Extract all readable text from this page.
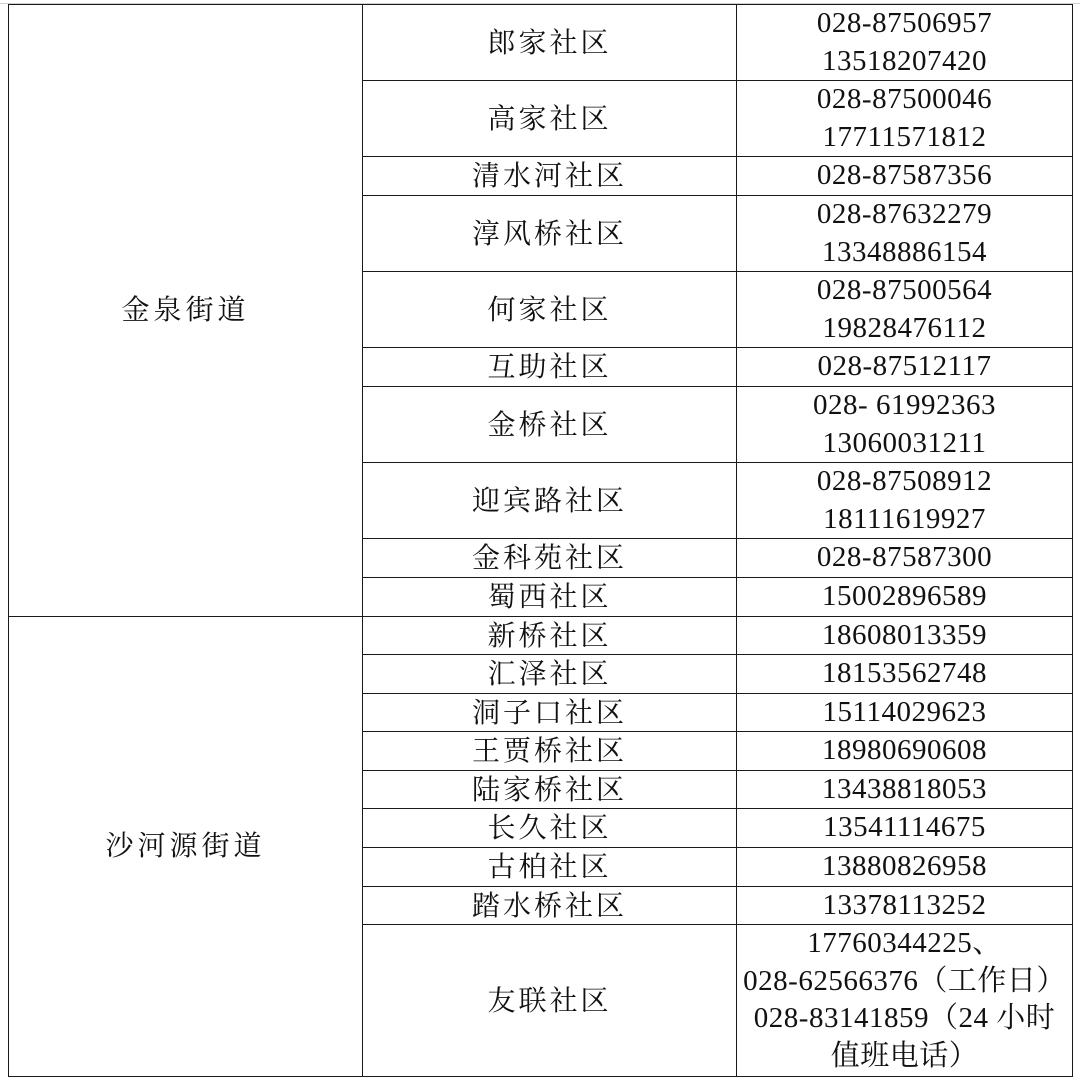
金泉街道	郎家社区	028-87506957
13518207420

	高家社区	028-87500046
17711571812

	清水河社区	028-87587356

	淳风桥社区	028-87632279
13348886154

	何家社区	028-87500564
19828476112

	互助社区	028-87512117

	金桥社区	028- 61992363
13060031211

	迎宾路社区	028-87508912
18111619927

	金科苑社区	028-87587300

	蜀西社区	15002896589

沙河源街道	新桥社区	18608013359

	汇泽社区	18153562748

	洞子口社区	15114029623

	王贾桥社区	18980690608

	陆家桥社区	13438818053

	长久社区	13541114675

	古柏社区	13880826958

	踏水桥社区	13378113252

	友联社区	17760344225、
028-62566376（工作日）
028-83141859（24 小时
值班电话）
